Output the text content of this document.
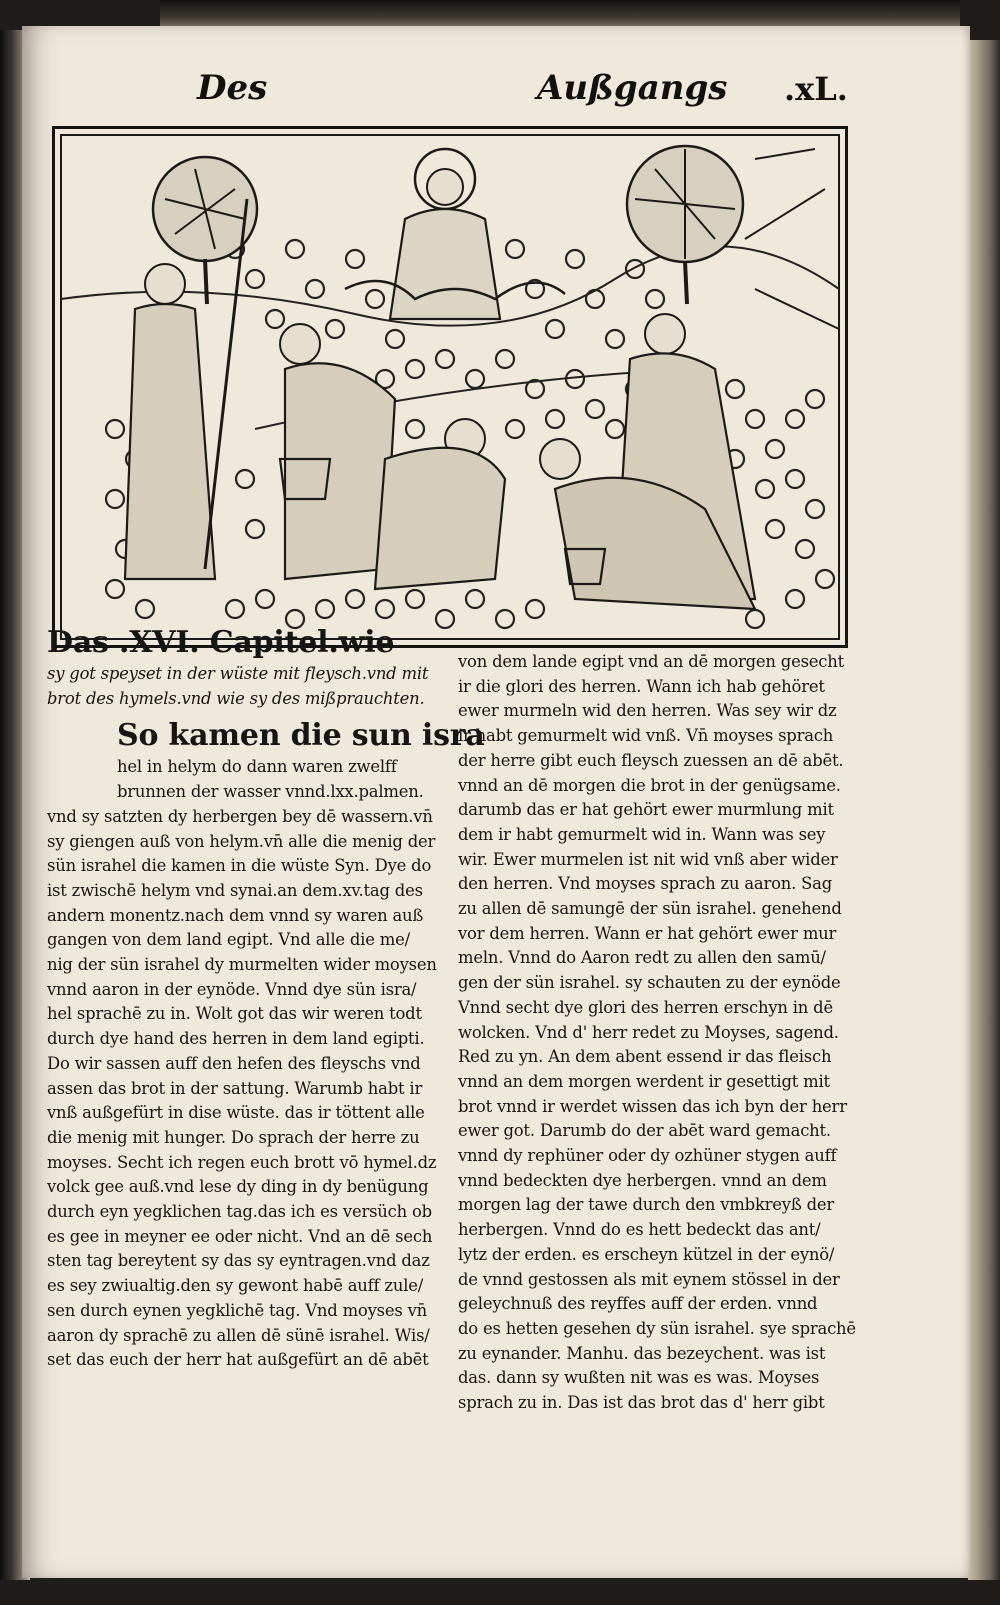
Des	Außgangs .xL.
Das .XVI. Capitel.wie
sy got speyset in der wüste mit fleysch.vnd mit
brot des hymels.vnd wie sy des mißprauchten.
So kamen die sun isra
hel in helym do dann waren zwelff
brunnen der wasser vnnd.lxx.palmen.
vnd sy satzten dy herbergen bey dē wassern.vn̄
sy giengen auß von helym.vn̄ alle die menig der
sün israhel die kamen in die wüste Syn. Dye do
ist zwischē helym vnd synai.an dem.xv.tag des
andern monentz.nach dem vnnd sy waren auß
gangen von dem land egipt. Vnd alle die me/
nig der sün israhel dy murmelten wider moysen
vnnd aaron in der eynöde. Vnnd dye sün isra/
hel sprachē zu in. Wolt got das wir weren todt
durch dye hand des herren in dem land egipti.
Do wir sassen auff den hefen des fleyschs vnd
assen das brot in der sattung. Warumb habt ir
vnß außgefürt in dise wüste. das ir töttent alle
die menig mit hunger. Do sprach der herre zu
moyses. Secht ich regen euch brott vō hymel.dz
volck gee auß.vnd lese dy ding in dy benügung
durch eyn yegklichen tag.das ich es versüch ob
es gee in meyner ee oder nicht. Vnd an dē sech
sten tag bereytent sy das sy eyntragen.vnd daz
es sey zwiualtig.den sy gewont habē auff zule/
sen durch eynen yegklichē tag. Vnd moyses vn̄
aaron dy sprachē zu allen dē sünē israhel. Wis/
set das euch der herr hat außgefürt an dē abēt
von dem lande egipt vnd an dē morgen gesecht
ir die glori des herren. Wann ich hab gehöret
ewer murmeln wid den herren. Was sey wir dz
ir habt gemurmelt wid vnß. Vn̄ moyses sprach
der herre gibt euch fleysch zuessen an dē abēt.
vnnd an dē morgen die brot in der genügsame.
darumb das er hat gehört ewer murmlung mit
dem ir habt gemurmelt wid in. Wann was sey
wir. Ewer murmelen ist nit wid vnß aber wider
den herren. Vnd moyses sprach zu aaron. Sag
zu allen dē samungē der sün israhel. genehend
vor dem herren. Wann er hat gehört ewer mur
meln. Vnnd do Aaron redt zu allen den samū/
gen der sün israhel. sy schauten zu der eynöde
Vnnd secht dye glori des herren erschyn in dē
wolcken. Vnd d' herr redet zu Moyses, sagend.
Red zu yn. An dem abent essend ir das fleisch
vnnd an dem morgen werdent ir gesettigt mit
brot vnnd ir werdet wissen das ich byn der herr
ewer got. Darumb do der abēt ward gemacht.
vnnd dy rephüner oder dy ozhüner stygen auff
vnnd bedeckten dye herbergen. vnnd an dem
morgen lag der tawe durch den vmbkreyß der
herbergen. Vnnd do es hett bedeckt das ant/
lytz der erden. es erscheyn kützel in der eynö/
de vnnd gestossen als mit eynem stössel in der
geleychnuß des reyffes auff der erden. vnnd
do es hetten gesehen dy sün israhel. sye sprachē
zu eynander. Manhu. das bezeychent. was ist
das. dann sy wußten nit was es was. Moyses
sprach zu in. Das ist das brot das d' herr gibt
